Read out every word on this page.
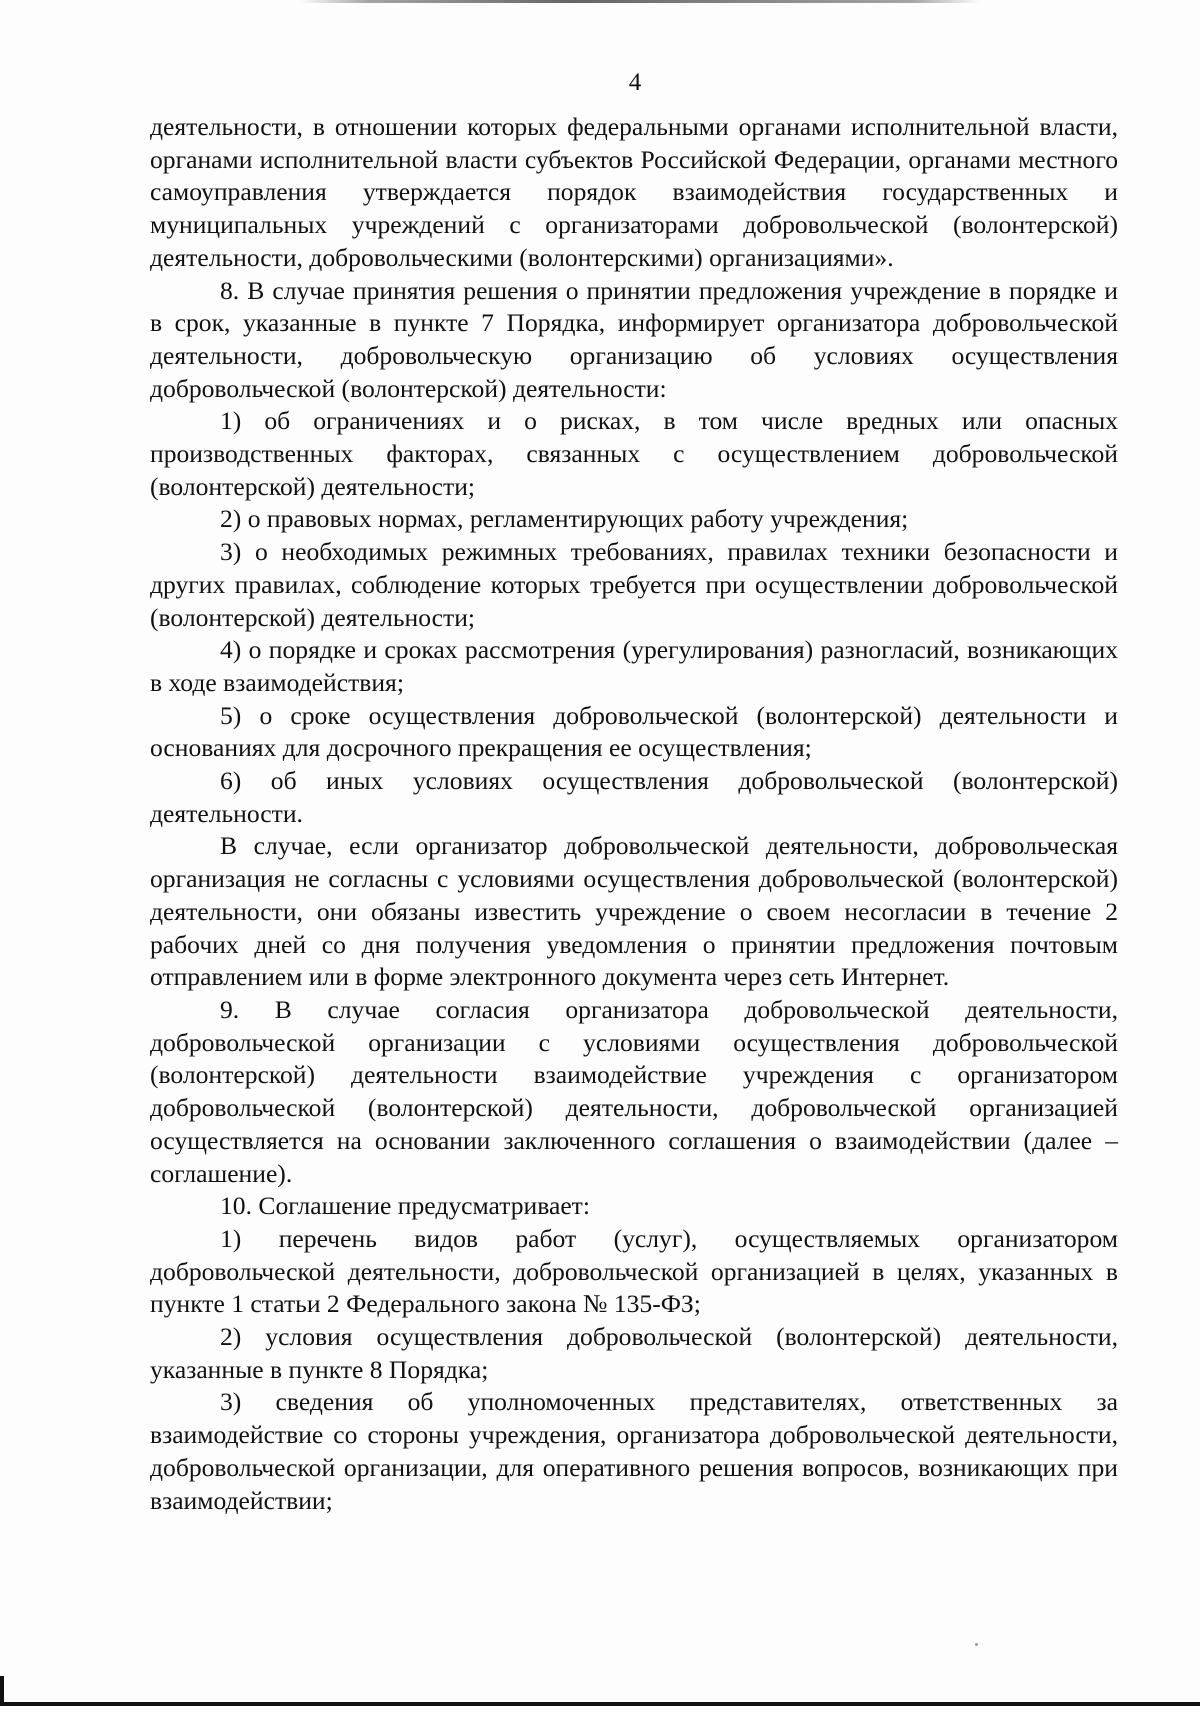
4

деятельности, в отношении которых федеральными органами исполнительной власти, органами исполнительной власти субъектов Российской Федерации, органами местного самоуправления утверждается порядок взаимодействия государственных и муниципальных учреждений с организаторами добровольческой (волонтерской) деятельности, добровольческими (волонтерскими) организациями».

8. В случае принятия решения о принятии предложения учреждение в порядке и в срок, указанные в пункте 7 Порядка, информирует организатора добровольческой деятельности, добровольческую организацию об условиях осуществления добровольческой (волонтерской) деятельности:

1) об ограничениях и о рисках, в том числе вредных или опасных производственных факторах, связанных с осуществлением добровольческой (волонтерской) деятельности;

2) о правовых нормах, регламентирующих работу учреждения;

3) о необходимых режимных требованиях, правилах техники безопасности и других правилах, соблюдение которых требуется при осуществлении добровольческой (волонтерской) деятельности;

4) о порядке и сроках рассмотрения (урегулирования) разногласий, возникающих в ходе взаимодействия;

5) о сроке осуществления добровольческой (волонтерской) деятельности и основаниях для досрочного прекращения ее осуществления;

6) об иных условиях осуществления добровольческой (волонтерской) деятельности.

В случае, если организатор добровольческой деятельности, добровольческая организация не согласны с условиями осуществления добровольческой (волонтерской) деятельности, они обязаны известить учреждение о своем несогласии в течение 2 рабочих дней со дня получения уведомления о принятии предложения почтовым отправлением или в форме электронного документа через сеть Интернет.

9. В случае согласия организатора добровольческой деятельности, добровольческой организации с условиями осуществления добровольческой (волонтерской) деятельности взаимодействие учреждения с организатором добровольческой (волонтерской) деятельности, добровольческой организацией осуществляется на основании заключенного соглашения о взаимодействии (далее – соглашение).

10. Соглашение предусматривает:

1) перечень видов работ (услуг), осуществляемых организатором добровольческой деятельности, добровольческой организацией в целях, указанных в пункте 1 статьи 2 Федерального закона № 135-ФЗ;

2) условия осуществления добровольческой (волонтерской) деятельности, указанные в пункте 8 Порядка;

3) сведения об уполномоченных представителях, ответственных за взаимодействие со стороны учреждения, организатора добровольческой деятельности, добровольческой организации, для оперативного решения вопросов, возникающих при взаимодействии;
